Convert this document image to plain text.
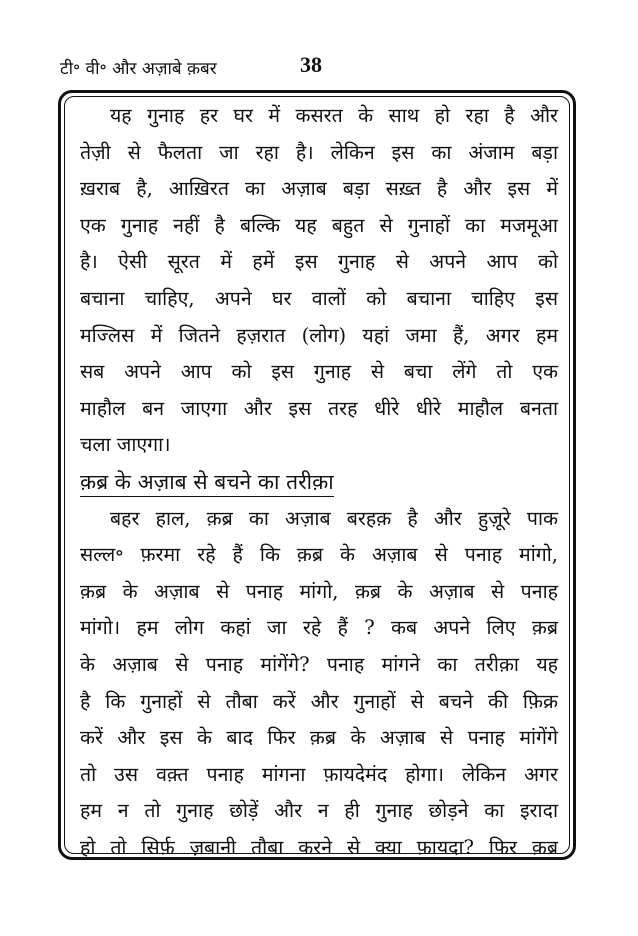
टी॰ वी॰ और अज़ाबे क़बर	38
यह गुनाह हर घर में कसरत के साथ हो रहा है और
तेज़ी से फैलता जा रहा है। लेकिन इस का अंजाम बड़ा
ख़राब है, आख़िरत का अज़ाब बड़ा सख़्त है और इस में
एक गुनाह नहीं है बल्कि यह बहुत से गुनाहों का मजमूआ
है। ऐसी सूरत में हमें इस गुनाह से अपने आप को
बचाना चाहिए, अपने घर वालों को बचाना चाहिए इस
मज्लिस में जितने हज़रात (लोग) यहां जमा हैं, अगर हम
सब अपने आप को इस गुनाह से बचा लेंगे तो एक
माहौल बन जाएगा और इस तरह धीरे धीरे माहौल बनता
चला जाएगा।
क़ब्र के अज़ाब से बचने का तरीक़ा
बहर हाल, क़ब्र का अज़ाब बरहक़ है और हुज़ूरे पाक
सल्ल॰ फ़रमा रहे हैं कि क़ब्र के अज़ाब से पनाह मांगो,
क़ब्र के अज़ाब से पनाह मांगो, क़ब्र के अज़ाब से पनाह
मांगो। हम लोग कहां जा रहे हैं ? कब अपने लिए क़ब्र
के अज़ाब से पनाह मांगेंगे? पनाह मांगने का तरीक़ा यह
है कि गुनाहों से तौबा करें और गुनाहों से बचने की फ़िक्र
करें और इस के बाद फिर क़ब्र के अज़ाब से पनाह मांगेंगे
तो उस वक़्त पनाह मांगना फ़ायदेमंद होगा। लेकिन अगर
हम न तो गुनाह छोड़ें और न ही गुनाह छोड़ने का इरादा
हो तो सिर्फ़ ज़बानी तौबा करने से क्या फ़ायदा? फिर क़ब्र
